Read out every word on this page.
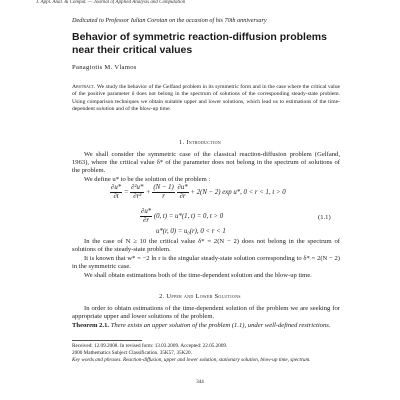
J. Appl. Anal. & Comput. — Journal of Applied Analysis and Computation
Dedicated to Professor Iulian Coroian on the occasion of his 70th anniversary
Behavior of symmetric reaction-diffusion problems near their critical values
Panagiotis M. Vlamos
Abstract. We study the behavior of the Gelfand problem in its symmetric form and in the case where the critical value of the positive parameter δ does not belong in the spectrum of solutions of the corresponding steady-state problem. Using comparison techniques we obtain suitable upper and lower solutions, which lead us to estimations of the time-dependent solution and of the blow-up time.
1. Introduction
We shall consider the symmetric case of the classical reaction-diffusion problem (Gelfand, 1963), where the critical value δ* of the parameter does not belong in the spectrum of solutions of the problem.
We define u* to be the solution of the problem :
$\frac{\partial u*}{\partial t} = \frac{\text{∂²u*}}{\text{∂r²}} + \frac{(N - 1)}{r}$
$\frac{\partial u*}{\partial r} + 2(N - 2)$ exp u*, 0 < r < 1, t > 0
$\frac{\partial u*}{\partial r} (0$, t) = u*(1, t) = 0, t > 0	(1.1)
u*(r, 0) = u₀(r), 0 < r < 1
In the case of N ≥ 10 the critical value δ* = 2(N − 2) does not belong in the spectrum of solutions of the steady-state problem.
It is known that w* = −2 ln r is the singular steady-state solution corresponding to δ* = 2(N − 2) in the symmetric case.
We shall obtain estimations both of the time-dependent solution and the blow-up time.
2. Upper and Lower Solutions
In order to obtain estimations of the time-dependent solution of the problem we are seeking for appropriate upper and lower solutions of the problem.
Theorem 2.1. There exists an upper solution of the problem (1.1), under well-defined restrictions.
Received: 12.09.2008. In revised form: 13.03.2009. Accepted: 22.05.2009.
2000 Mathematics Subject Classification. 35K57, 35K20.
Key words and phrases. Reaction-diffusion, upper and lower solution, stationary solution, blow-up time, spectrum.
344
